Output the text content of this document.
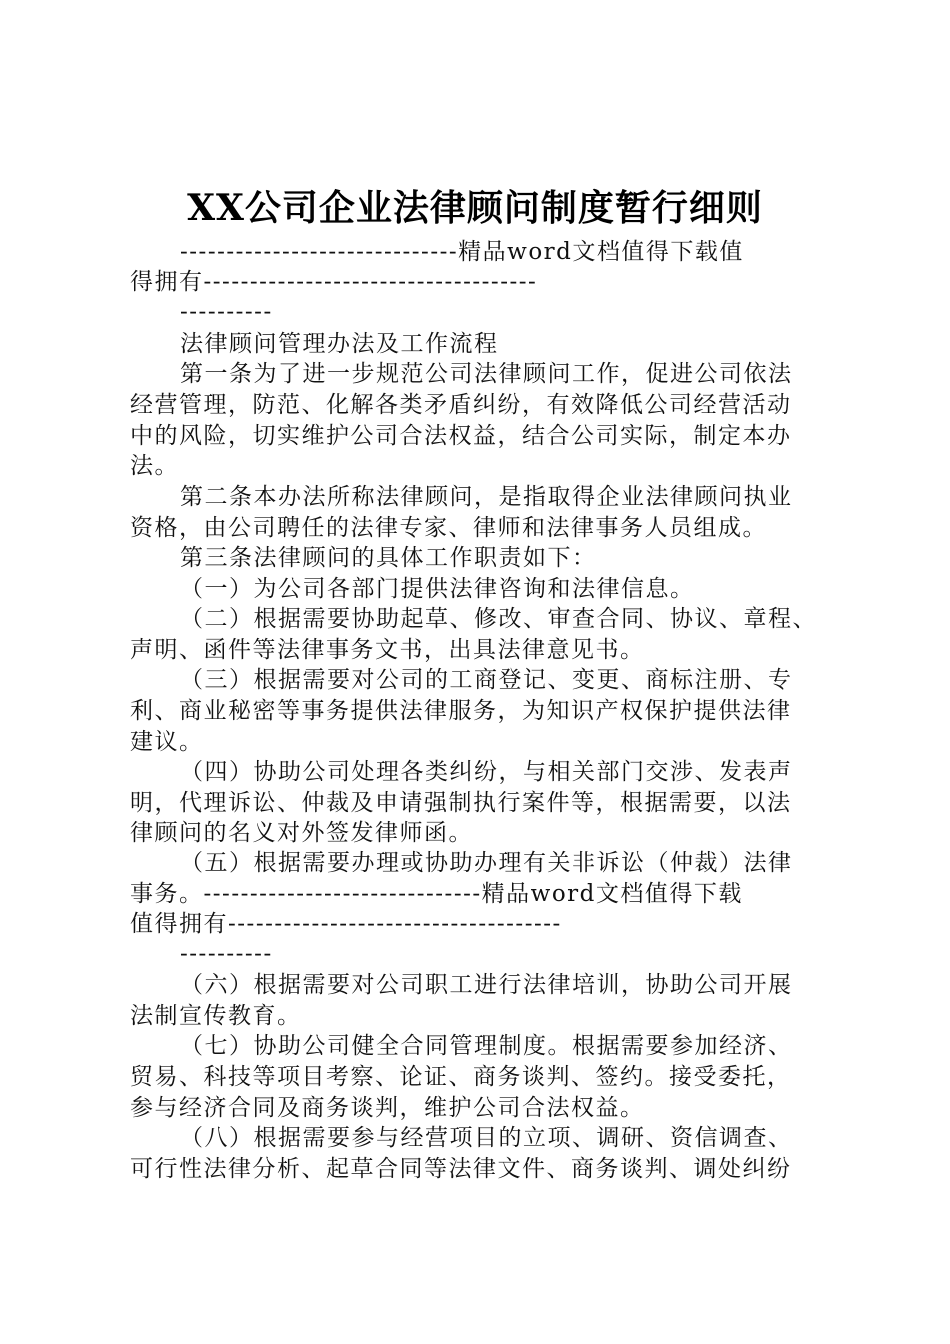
XX公司企业法律顾问制度暂行细则
------------------------------精品word文档值得下载值
得拥有------------------------------------
----------
法律顾问管理办法及工作流程
第一条为了进一步规范公司法律顾问工作，促进公司依法
经营管理，防范、化解各类矛盾纠纷，有效降低公司经营活动
中的风险，切实维护公司合法权益，结合公司实际，制定本办
法。
第二条本办法所称法律顾问，是指取得企业法律顾问执业
资格，由公司聘任的法律专家、律师和法律事务人员组成。
第三条法律顾问的具体工作职责如下：
（一）为公司各部门提供法律咨询和法律信息。
（二）根据需要协助起草、修改、审查合同、协议、章程、
声明、函件等法律事务文书，出具法律意见书。
（三）根据需要对公司的工商登记、变更、商标注册、专
利、商业秘密等事务提供法律服务，为知识产权保护提供法律
建议。
（四）协助公司处理各类纠纷，与相关部门交涉、发表声
明，代理诉讼、仲裁及申请强制执行案件等，根据需要，以法
律顾问的名义对外签发律师函。
（五）根据需要办理或协助办理有关非诉讼（仲裁）法律
事务。------------------------------精品word文档值得下载
值得拥有------------------------------------
----------
（六）根据需要对公司职工进行法律培训，协助公司开展
法制宣传教育。
（七）协助公司健全合同管理制度。根据需要参加经济、
贸易、科技等项目考察、论证、商务谈判、签约。接受委托，
参与经济合同及商务谈判，维护公司合法权益。
（八）根据需要参与经营项目的立项、调研、资信调查、
可行性法律分析、起草合同等法律文件、商务谈判、调处纠纷
